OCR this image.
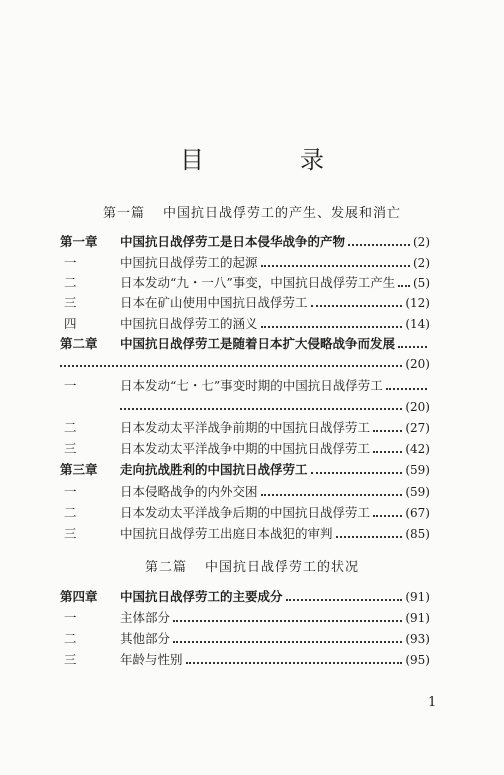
目　录
第一篇 中国抗日战俘劳工的产生、发展和消亡
第一章	中国抗日战俘劳工是日本侵华战争的产物	(2)
一	中国抗日战俘劳工的起源	(2)
二	日本发动“九・一八”事变，中国抗日战俘劳工产生 (5)
三	日本在矿山使用中国抗日战俘劳工	(12)
四	中国抗日战俘劳工的涵义	(14)
第二章	中国抗日战俘劳工是随着日本扩大侵略战争而发展
(20)
一	日本发动“七・七”事变时期的中国抗日战俘劳工
(20)
二	日本发动太平洋战争前期的中国抗日战俘劳工	(27)
三	日本发动太平洋战争中期的中国抗日战俘劳工	(42)
第三章	走向抗战胜利的中国抗日战俘劳工	(59)
一	日本侵略战争的内外交困	(59)
二	日本发动太平洋战争后期的中国抗日战俘劳工	(67)
三	中国抗日战俘劳工出庭日本战犯的审判	(85)
第二篇 中国抗日战俘劳工的状况
第四章	中国抗日战俘劳工的主要成分	(91)
一	主体部分	(91)
二	其他部分	(93)
三	年龄与性别	(95)
1
